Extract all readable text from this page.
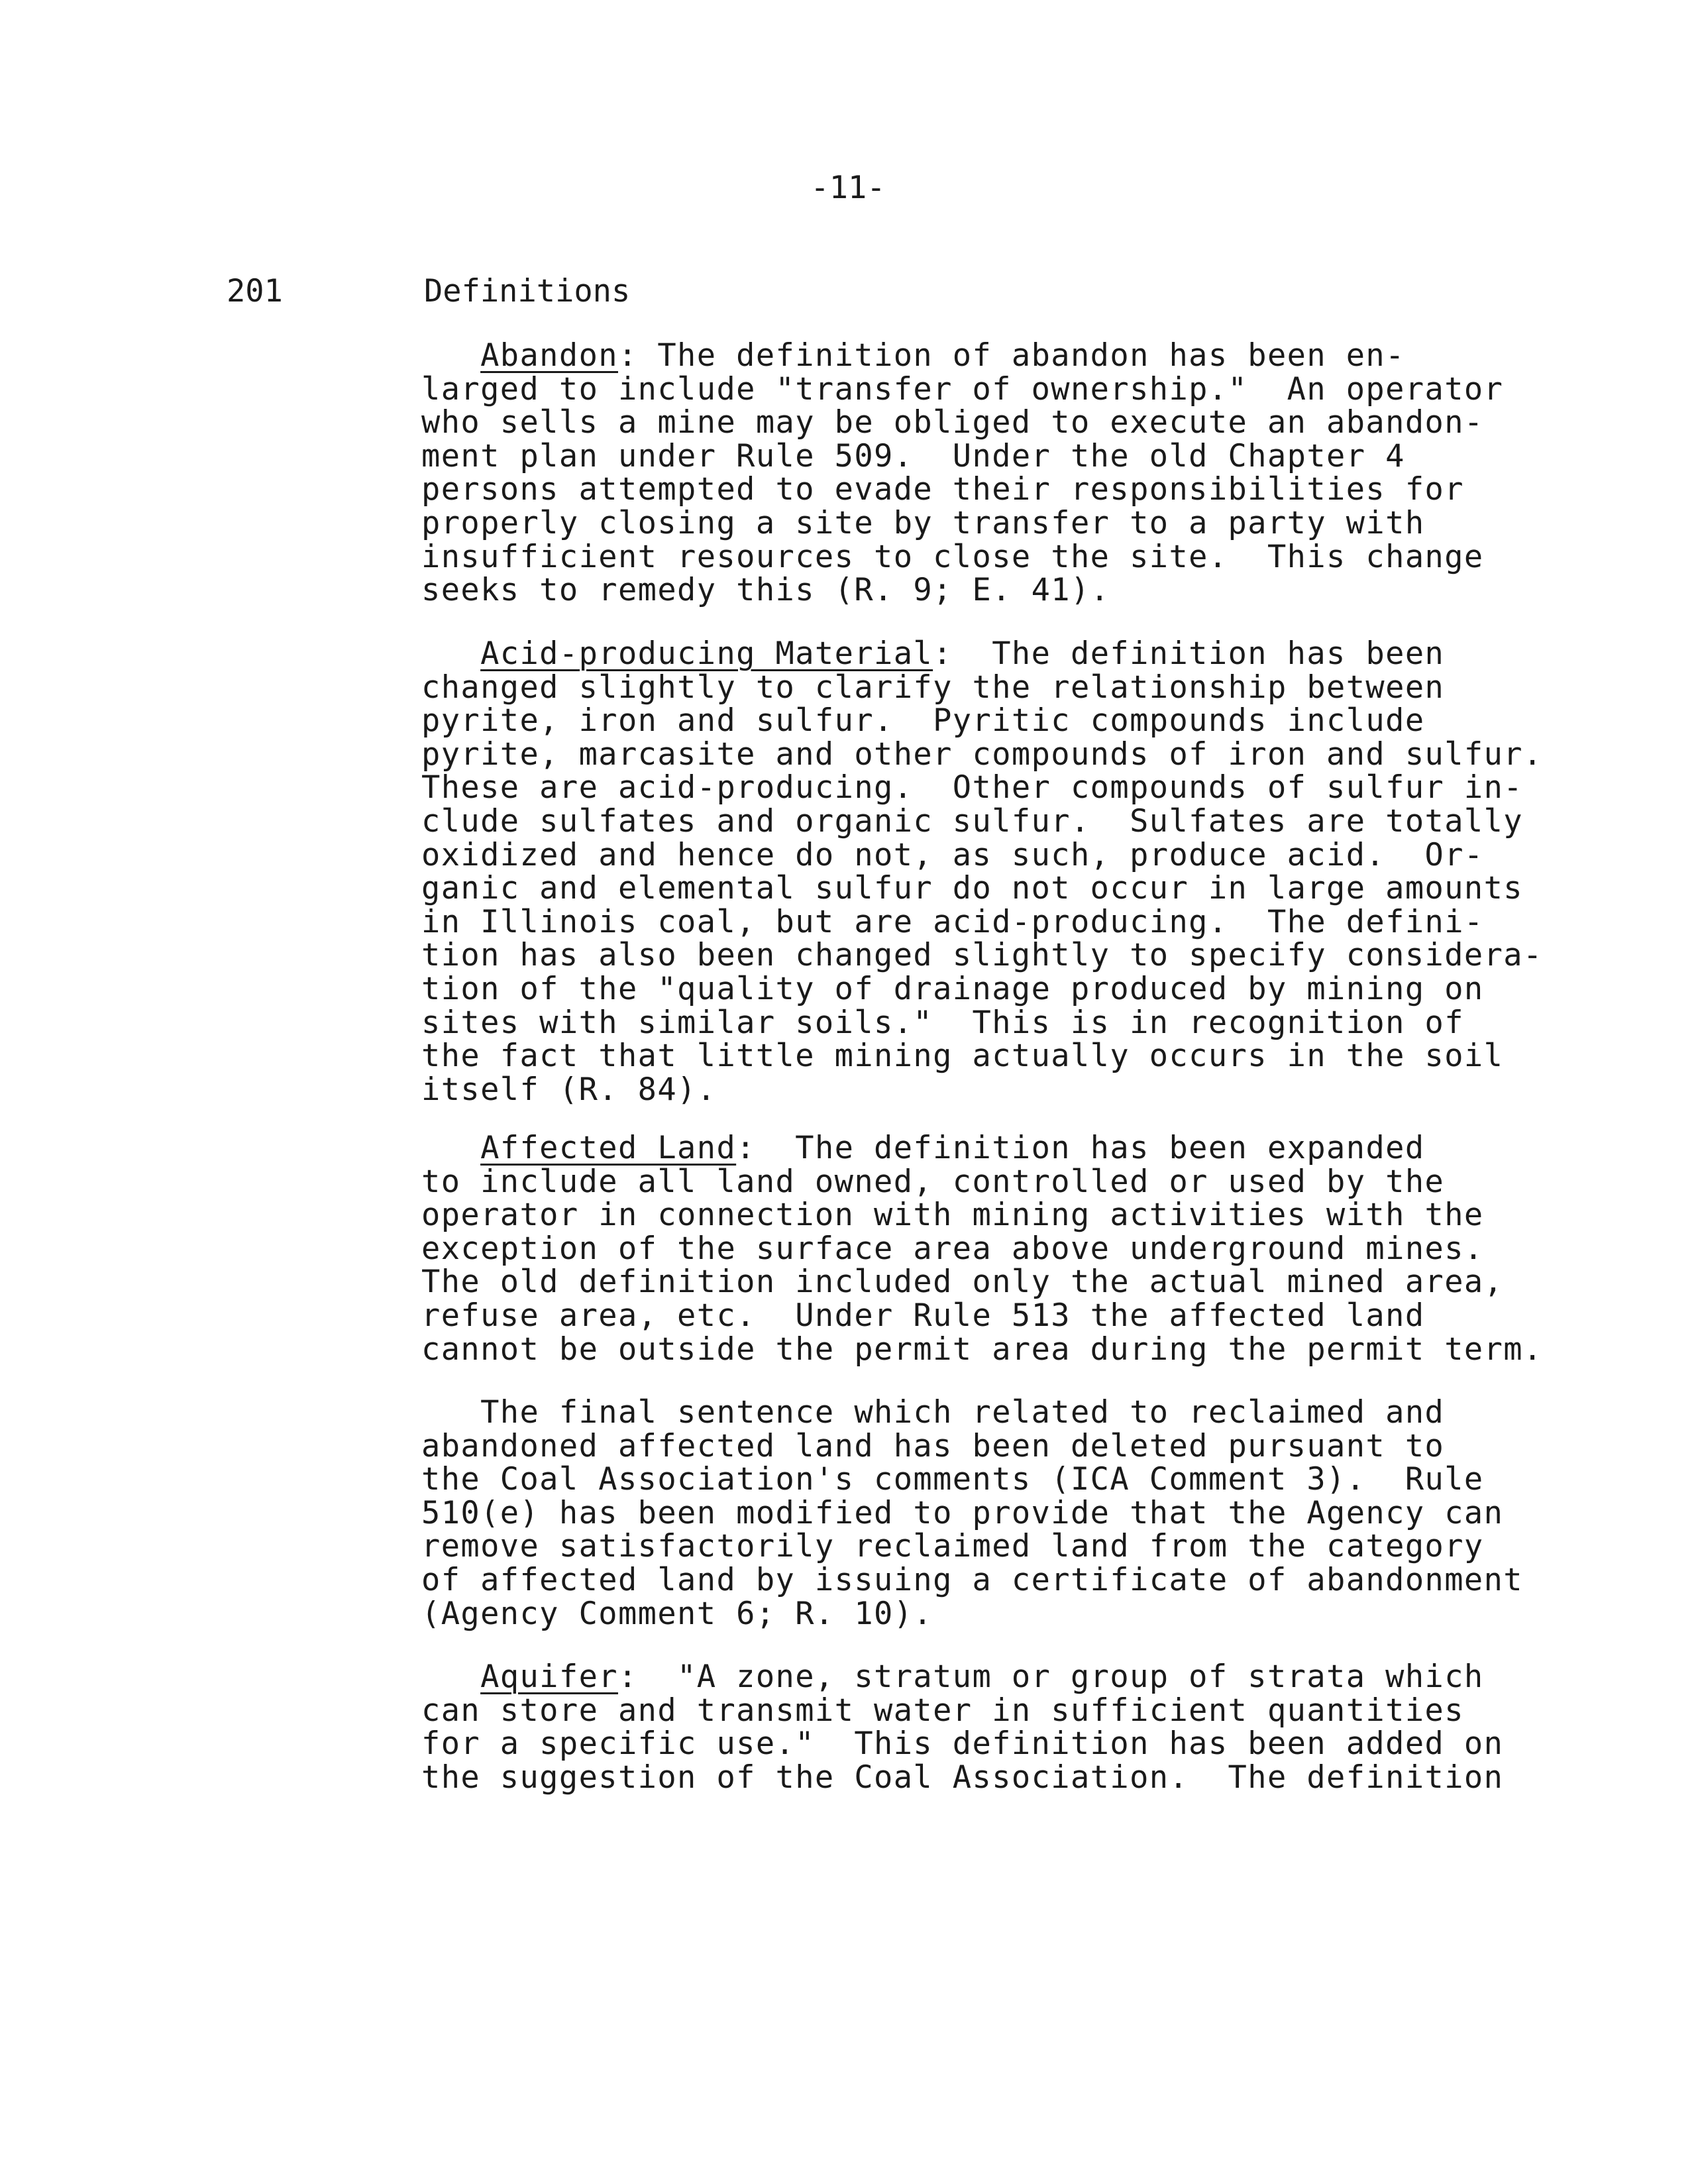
-11-
201	Definitions
Abandon: The definition of abandon has been en-
larged to include "transfer of ownership."  An operator
who sells a mine may be obliged to execute an abandon-
ment plan under Rule 509.  Under the old Chapter 4
persons attempted to evade their responsibilities for
properly closing a site by transfer to a party with
insufficient resources to close the site.  This change
seeks to remedy this (R. 9; E. 41).
Acid-producing Material:  The definition has been
changed slightly to clarify the relationship between
pyrite, iron and sulfur.  Pyritic compounds include
pyrite, marcasite and other compounds of iron and sulfur.
These are acid-producing.  Other compounds of sulfur in-
clude sulfates and organic sulfur.  Sulfates are totally
oxidized and hence do not, as such, produce acid.  Or-
ganic and elemental sulfur do not occur in large amounts
in Illinois coal, but are acid-producing.  The defini-
tion has also been changed slightly to specify considera-
tion of the "quality of drainage produced by mining on
sites with similar soils."  This is in recognition of
the fact that little mining actually occurs in the soil
itself (R. 84).
Affected Land:  The definition has been expanded
to include all land owned, controlled or used by the
operator in connection with mining activities with the
exception of the surface area above underground mines.
The old definition included only the actual mined area,
refuse area, etc.  Under Rule 513 the affected land
cannot be outside the permit area during the permit term.
The final sentence which related to reclaimed and
abandoned affected land has been deleted pursuant to
the Coal Association's comments (ICA Comment 3).  Rule
510(e) has been modified to provide that the Agency can
remove satisfactorily reclaimed land from the category
of affected land by issuing a certificate of abandonment
(Agency Comment 6; R. 10).
Aquifer:  "A zone, stratum or group of strata which
can store and transmit water in sufficient quantities
for a specific use."  This definition has been added on
the suggestion of the Coal Association.  The definition
